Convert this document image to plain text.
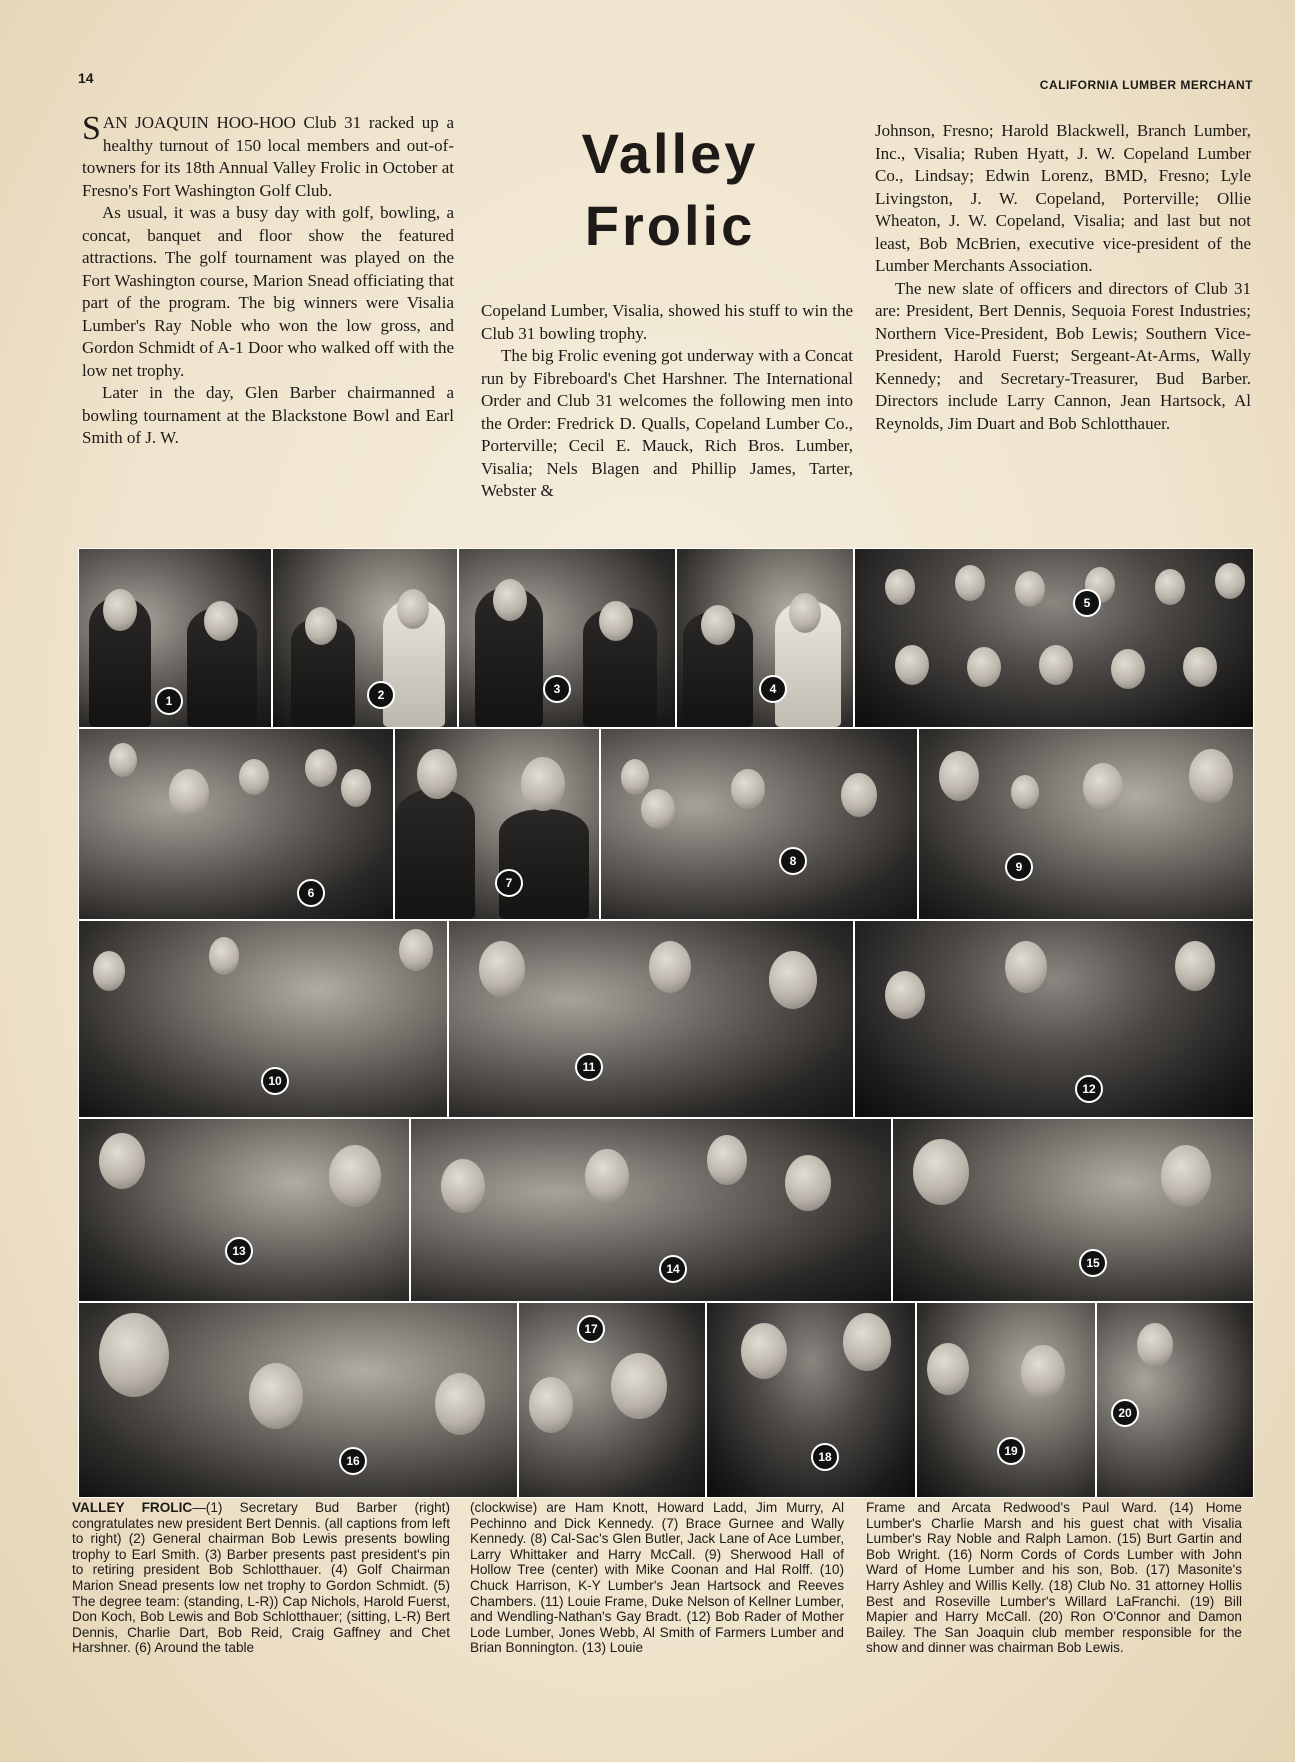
14	CALIFORNIA LUMBER MERCHANT
Valley
Frolic

SAN JOAQUIN HOO-HOO Club 31 racked up a healthy turnout of 150 local members and out-of-towners for its 18th Annual Valley Frolic in October at Fresno's Fort Washington Golf Club.

As usual, it was a busy day with golf, bowling, a concat, banquet and floor show the featured attractions. The golf tournament was played on the Fort Washington course, Marion Snead officiating that part of the program. The big winners were Visalia Lumber's Ray Noble who won the low gross, and Gordon Schmidt of A-1 Door who walked off with the low net trophy.

Later in the day, Glen Barber chairmanned a bowling tournament at the Blackstone Bowl and Earl Smith of J. W.

Copeland Lumber, Visalia, showed his stuff to win the Club 31 bowling trophy.

The big Frolic evening got underway with a Concat run by Fibreboard's Chet Harshner. The International Order and Club 31 welcomes the following men into the Order: Fredrick D. Qualls, Copeland Lumber Co., Porterville; Cecil E. Mauck, Rich Bros. Lumber, Visalia; Nels Blagen and Phillip James, Tarter, Webster &

Johnson, Fresno; Harold Blackwell, Branch Lumber, Inc., Visalia; Ruben Hyatt, J. W. Copeland Lumber Co., Lindsay; Edwin Lorenz, BMD, Fresno; Lyle Livingston, J. W. Copeland, Porterville; Ollie Wheaton, J. W. Copeland, Visalia; and last but not least, Bob McBrien, executive vice-president of the Lumber Merchants Association.

The new slate of officers and directors of Club 31 are: President, Bert Dennis, Sequoia Forest Industries; Northern Vice-President, Bob Lewis; Southern Vice-President, Harold Fuerst; Sergeant-At-Arms, Wally Kennedy; and Secretary-Treasurer, Bud Barber. Directors include Larry Cannon, Jean Hartsock, Al Reynolds, Jim Duart and Bob Schlotthauer.

1	2	3	4
5
6
7
8	9
10
11
12
13
14	15
16
17
18	19
20
VALLEY FROLIC—(1) Secretary Bud Barber (right) congratulates new president Bert Dennis. (all captions from left to right) (2) General chairman Bob Lewis presents bowling trophy to Earl Smith. (3) Barber presents past president's pin to retiring president Bob Schlotthauer. (4) Golf Chairman Marion Snead presents low net trophy to Gordon Schmidt. (5) The degree team: (standing, L-R)) Cap Nichols, Harold Fuerst, Don Koch, Bob Lewis and Bob Schlotthauer; (sitting, L-R) Bert Dennis, Charlie Dart, Bob Reid, Craig Gaffney and Chet Harshner. (6) Around the table
(clockwise) are Ham Knott, Howard Ladd, Jim Murry, Al Pechinno and Dick Kennedy. (7) Brace Gurnee and Wally Kennedy. (8) Cal-Sac's Glen Butler, Jack Lane of Ace Lumber, Larry Whittaker and Harry McCall. (9) Sherwood Hall of Hollow Tree (center) with Mike Coonan and Hal Rolff. (10) Chuck Harrison, K-Y Lumber's Jean Hartsock and Reeves Chambers. (11) Louie Frame, Duke Nelson of Kellner Lumber, and Wendling-Nathan's Gay Bradt. (12) Bob Rader of Mother Lode Lumber, Jones Webb, Al Smith of Farmers Lumber and Brian Bonnington. (13) Louie
Frame and Arcata Redwood's Paul Ward. (14) Home Lumber's Charlie Marsh and his guest chat with Visalia Lumber's Ray Noble and Ralph Lamon. (15) Burt Gartin and Bob Wright. (16) Norm Cords of Cords Lumber with John Ward of Home Lumber and his son, Bob. (17) Masonite's Harry Ashley and Willis Kelly. (18) Club No. 31 attorney Hollis Best and Roseville Lumber's Willard LaFranchi. (19) Bill Mapier and Harry McCall. (20) Ron O'Connor and Damon Bailey. The San Joaquin club member responsible for the show and dinner was chairman Bob Lewis.
